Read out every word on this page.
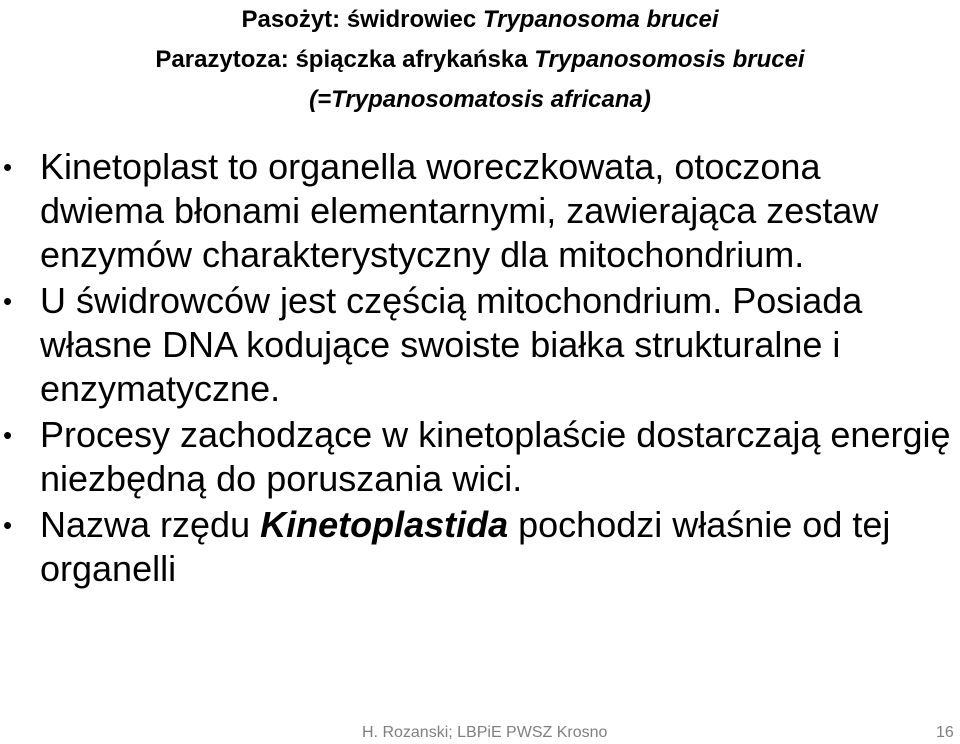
Pasożyt: świdrowiec Trypanosoma brucei
Parazytoza: śpiączka afrykańska Trypanosomosis brucei
(=Trypanosomatosis africana)

• Kinetoplast to organella woreczkowata, otoczona dwiema błonami elementarnymi, zawierająca zestaw enzymów charakterystyczny dla mitochondrium.

• U świdrowców jest częścią mitochondrium. Posiada własne DNA kodujące swoiste białka strukturalne i enzymatyczne.

• Procesy zachodzące w kinetoplaście dostarczają energię niezbędną do poruszania wici.

• Nazwa rzędu Kinetoplastida pochodzi właśnie od tej organelli

H. Rozanski; LBPiE PWSZ Krosno	16
